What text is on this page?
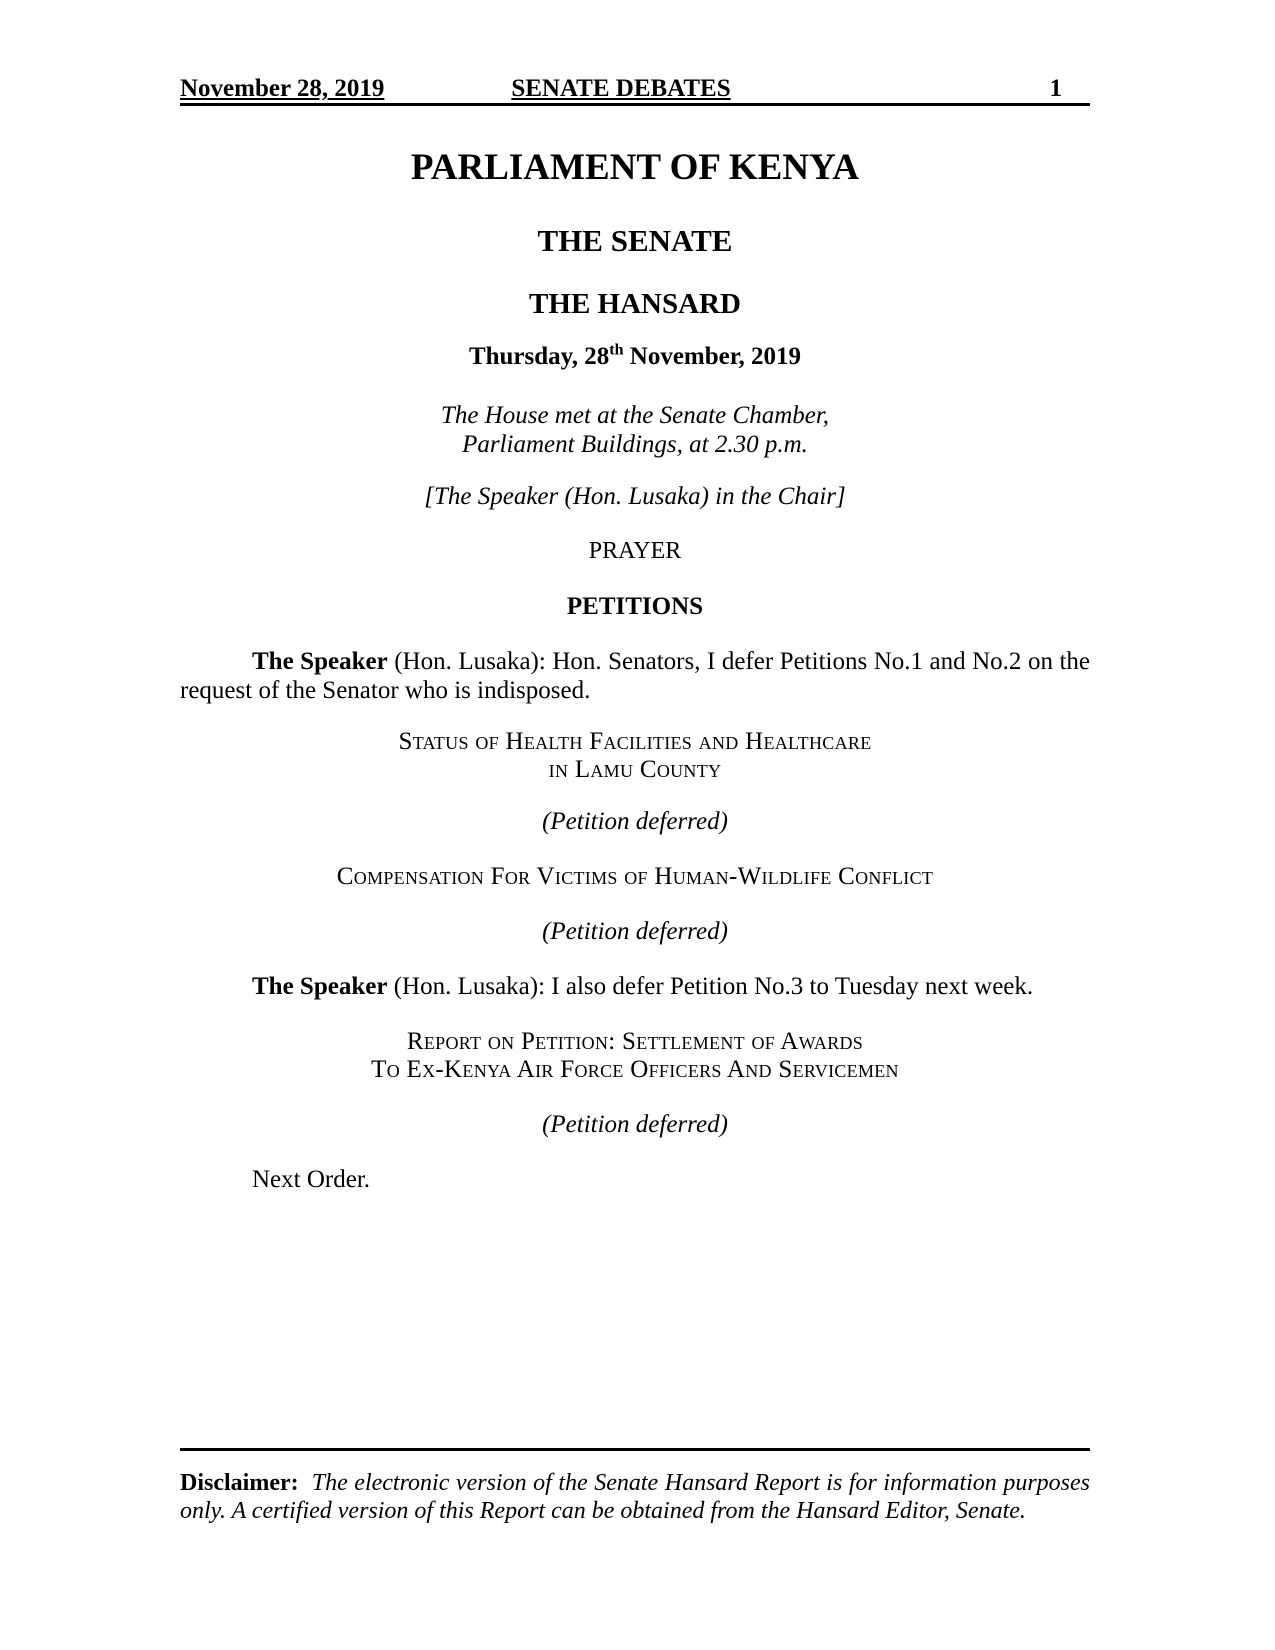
November 28, 2019	SENATE DEBATES	1
PARLIAMENT OF KENYA
THE SENATE
THE HANSARD
Thursday, 28th November, 2019
The House met at the Senate Chamber,
Parliament Buildings, at 2.30 p.m.
[The Speaker (Hon. Lusaka) in the Chair]
PRAYER
PETITIONS

The Speaker (Hon. Lusaka): Hon. Senators, I defer Petitions No.1 and No.2 on the request of the Senator who is indisposed.

Status of Health Facilities and Healthcare
in Lamu County
(Petition deferred)
Compensation For Victims of Human-Wildlife Conflict
(Petition deferred)

The Speaker (Hon. Lusaka): I also defer Petition No.3 to Tuesday next week.

Report on Petition: Settlement of Awards
To Ex-Kenya Air Force Officers And Servicemen
(Petition deferred)

Next Order.

Disclaimer: The electronic version of the Senate Hansard Report is for information purposes only. A certified version of this Report can be obtained from the Hansard Editor, Senate.
